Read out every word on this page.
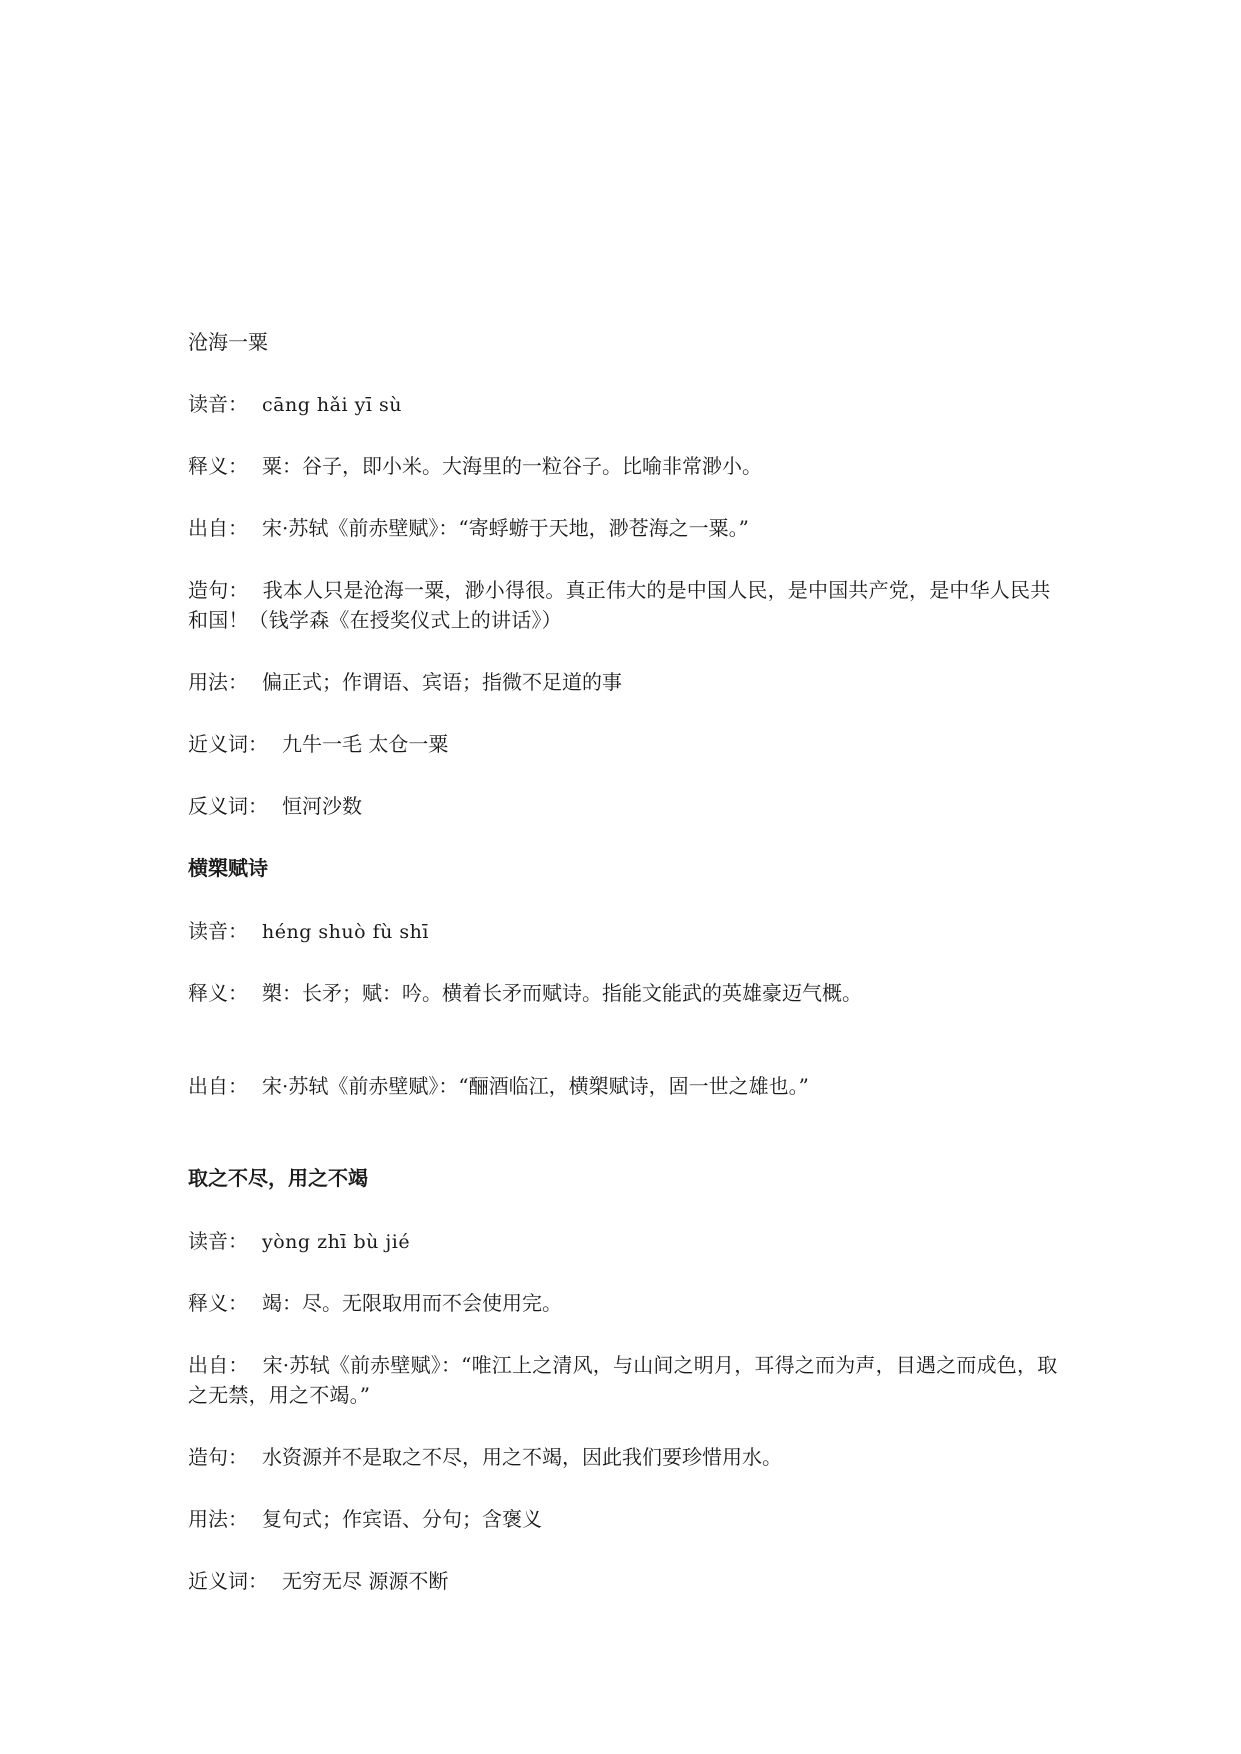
沧海一粟
读音： cāng hǎi yī sù
释义： 粟：谷子，即小米。大海里的一粒谷子。比喻非常渺小。
出自： 宋·苏轼《前赤壁赋》：“寄蜉蝣于天地，渺苍海之一粟。”
造句： 我本人只是沧海一粟，渺小得很。真正伟大的是中国人民，是中国共产党，是中华人民共和国！（钱学森《在授奖仪式上的讲话》）
用法： 偏正式；作谓语、宾语；指微不足道的事
近义词： 九牛一毛 太仓一粟
反义词： 恒河沙数
横槊赋诗
读音： héng shuò fù shī
释义： 槊：长矛；赋：吟。横着长矛而赋诗。指能文能武的英雄豪迈气概。
出自： 宋·苏轼《前赤壁赋》：“酾酒临江，横槊赋诗，固一世之雄也。”
取之不尽，用之不竭
读音： yòng zhī bù jié
释义： 竭：尽。无限取用而不会使用完。
出自： 宋·苏轼《前赤壁赋》：“唯江上之清风，与山间之明月，耳得之而为声，目遇之而成色，取之无禁，用之不竭。”
造句： 水资源并不是取之不尽，用之不竭，因此我们要珍惜用水。
用法： 复句式；作宾语、分句；含褒义
近义词： 无穷无尽 源源不断
